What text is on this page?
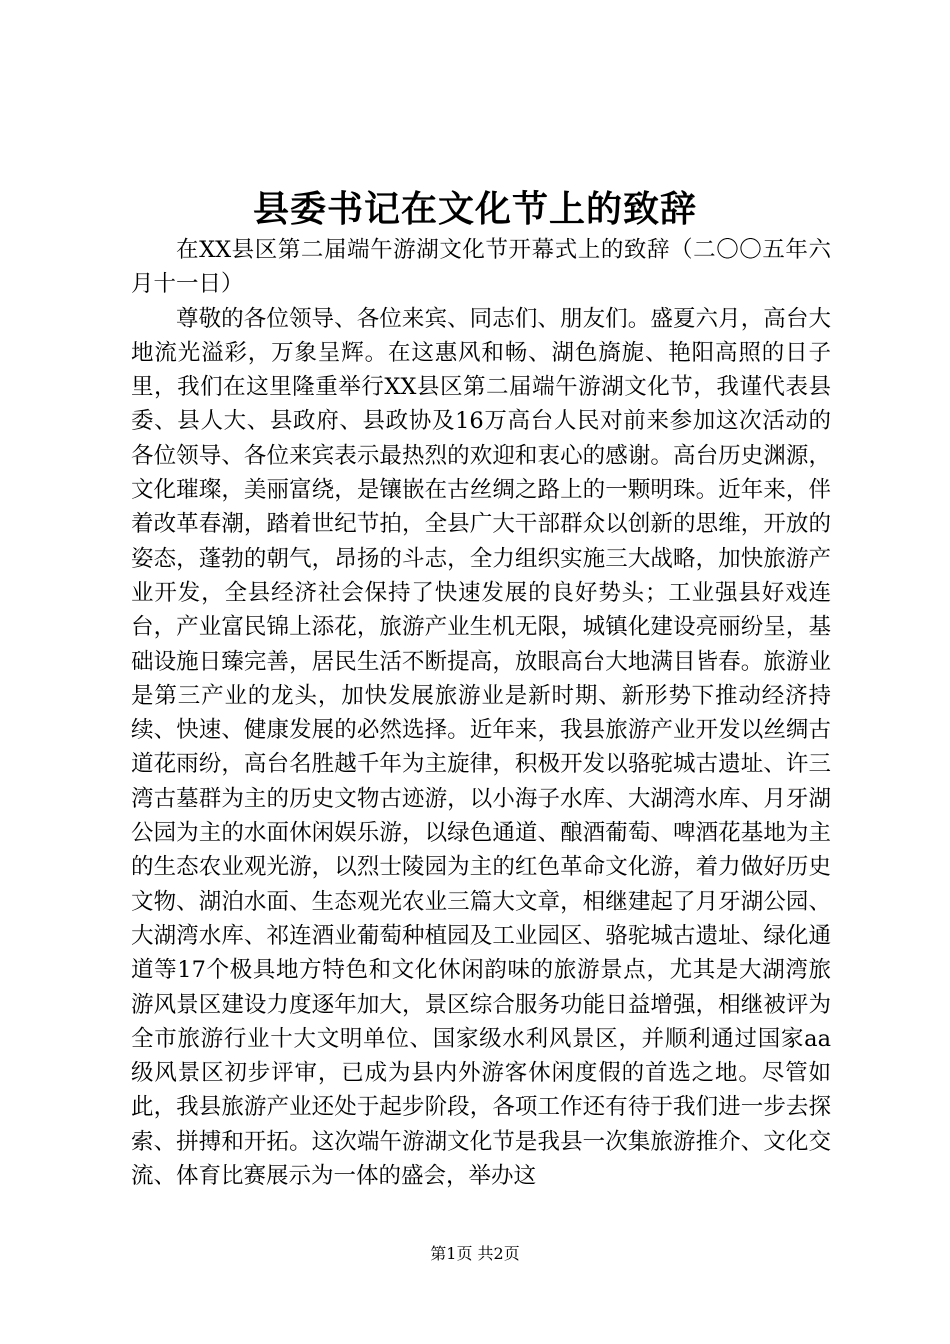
县委书记在文化节上的致辞

在XX县区第二届端午游湖文化节开幕式上的致辞（二〇〇五年六月十一日）

尊敬的各位领导、各位来宾、同志们、朋友们。盛夏六月，高台大地流光溢彩，万象呈辉。在这惠风和畅、湖色旖旎、艳阳高照的日子里，我们在这里隆重举行XX县区第二届端午游湖文化节，我谨代表县委、县人大、县政府、县政协及16万高台人民对前来参加这次活动的各位领导、各位来宾表示最热烈的欢迎和衷心的感谢。高台历史渊源，文化璀璨，美丽富绕，是镶嵌在古丝绸之路上的一颗明珠。近年来，伴着改革春潮，踏着世纪节拍，全县广大干部群众以创新的思维，开放的姿态，蓬勃的朝气，昂扬的斗志，全力组织实施三大战略，加快旅游产业开发，全县经济社会保持了快速发展的良好势头；工业强县好戏连台，产业富民锦上添花，旅游产业生机无限，城镇化建设亮丽纷呈，基础设施日臻完善，居民生活不断提高，放眼高台大地满目皆春。旅游业是第三产业的龙头，加快发展旅游业是新时期、新形势下推动经济持续、快速、健康发展的必然选择。近年来，我县旅游产业开发以丝绸古道花雨纷，高台名胜越千年为主旋律，积极开发以骆驼城古遗址、许三湾古墓群为主的历史文物古迹游，以小海子水库、大湖湾水库、月牙湖公园为主的水面休闲娱乐游，以绿色通道、酿酒葡萄、啤酒花基地为主的生态农业观光游，以烈士陵园为主的红色革命文化游，着力做好历史文物、湖泊水面、生态观光农业三篇大文章，相继建起了月牙湖公园、大湖湾水库、祁连酒业葡萄种植园及工业园区、骆驼城古遗址、绿化通道等17个极具地方特色和文化休闲韵味的旅游景点，尤其是大湖湾旅游风景区建设力度逐年加大，景区综合服务功能日益增强，相继被评为全市旅游行业十大文明单位、国家级水利风景区，并顺利通过国家aa级风景区初步评审，已成为县内外游客休闲度假的首选之地。尽管如此，我县旅游产业还处于起步阶段，各项工作还有待于我们进一步去探索、拼搏和开拓。这次端午游湖文化节是我县一次集旅游推介、文化交流、体育比赛展示为一体的盛会，举办这

第1页 共2页
